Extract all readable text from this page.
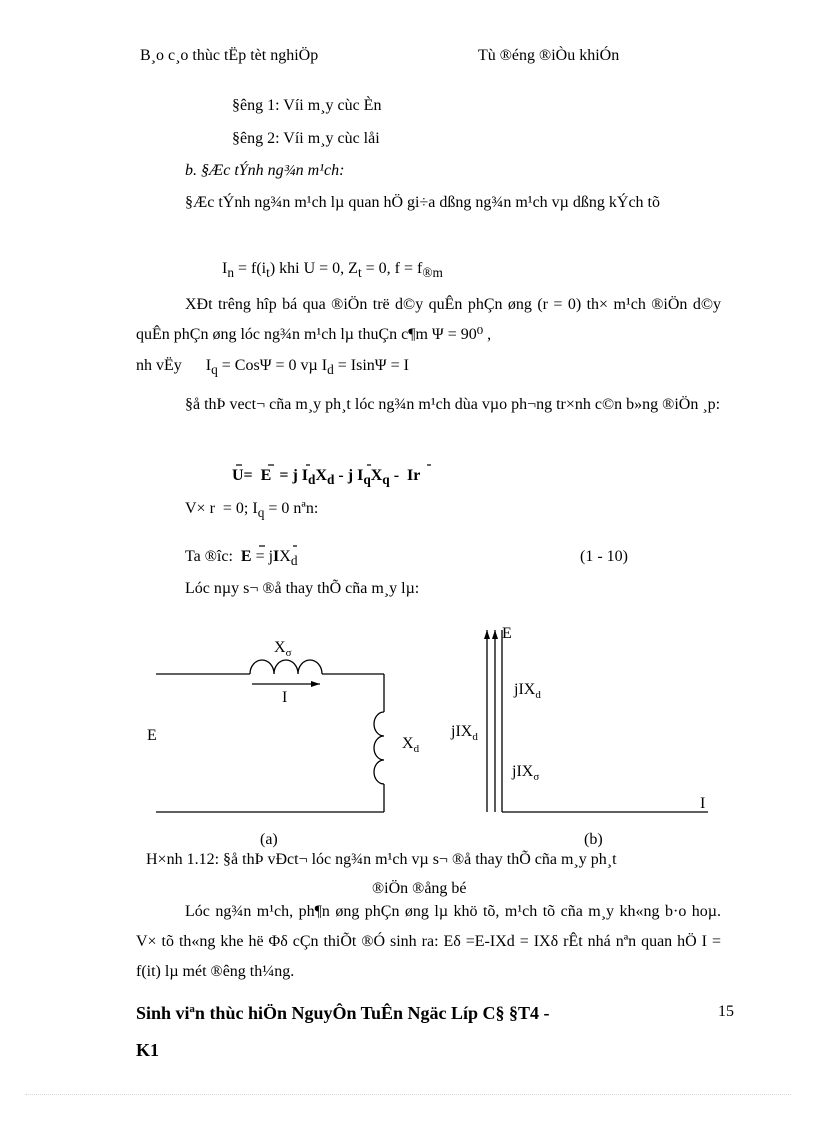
B¸o c¸o thùc tËp tèt nghiÖp	Tù ®éng ®iÒu khiÓn
§êng 1: Víi m¸y cùc Èn
§êng 2: Víi m¸y cùc låi
b. §Æc tÝnh ng¾n m¹ch:
§Æc tÝnh ng¾n m¹ch lµ quan hÖ gi÷a dßng ng¾n m¹ch vµ dßng kÝch tõ
$I_n = f(i_t)$ khi U = 0, $Z_t = 0$, $f = f_{®m}$
XÐt trêng hîp bá qua ®iÖn trë d©y quÊn phÇn øng (r = 0) th× m¹ch ®iÖn d©y quÊn phÇn øng lóc ng¾n m¹ch lµ thuÇn c¶m Ψ = 90⁰ ,
nh vËy      $I_q = Cos\Psi = 0$ vµ $I_d = Isin\Psi = I$
§å thÞ vect¬ cña m¸y ph¸t lóc ng¾n m¹ch dùa vµo ph¬ng tr×nh c©n b»ng ®iÖn ¸p:
U=  E  = j $I_dX_d$ - j $I_qX_q$ -  Ir
V× r  = 0; $I_q = 0$ nªn:
Ta ®îc:  E = jIX$_d$	(1 - 10)
Lóc nµy s¬ ®å thay thÕ cña m¸y lµ:
$X_\sigma$
I
E	$X_d$
(a)
E
jIX$_d$
jIX$_d$
jIX$_\sigma$
I
(b)
H×nh 1.12: §å thÞ vÐct¬ lóc ng¾n m¹ch vµ s¬ ®å thay thÕ cña m¸y ph¸t
®iÖn ®ång bé
Lóc ng¾n m¹ch, ph¶n øng phÇn øng lµ khö tõ, m¹ch tõ cña m¸y kh«ng b·o hoµ. V× tõ th«ng khe hë Φδ cÇn thiÕt ®Ó sinh ra: Eδ =E-IXd = IXδ rÊt nhá nªn quan hÖ I = f(it) lµ mét ®êng th¼ng.
Sinh viªn thùc hiÖn NguyÔn TuÊn Ngäc Líp C§ §T4 -	15
K1
